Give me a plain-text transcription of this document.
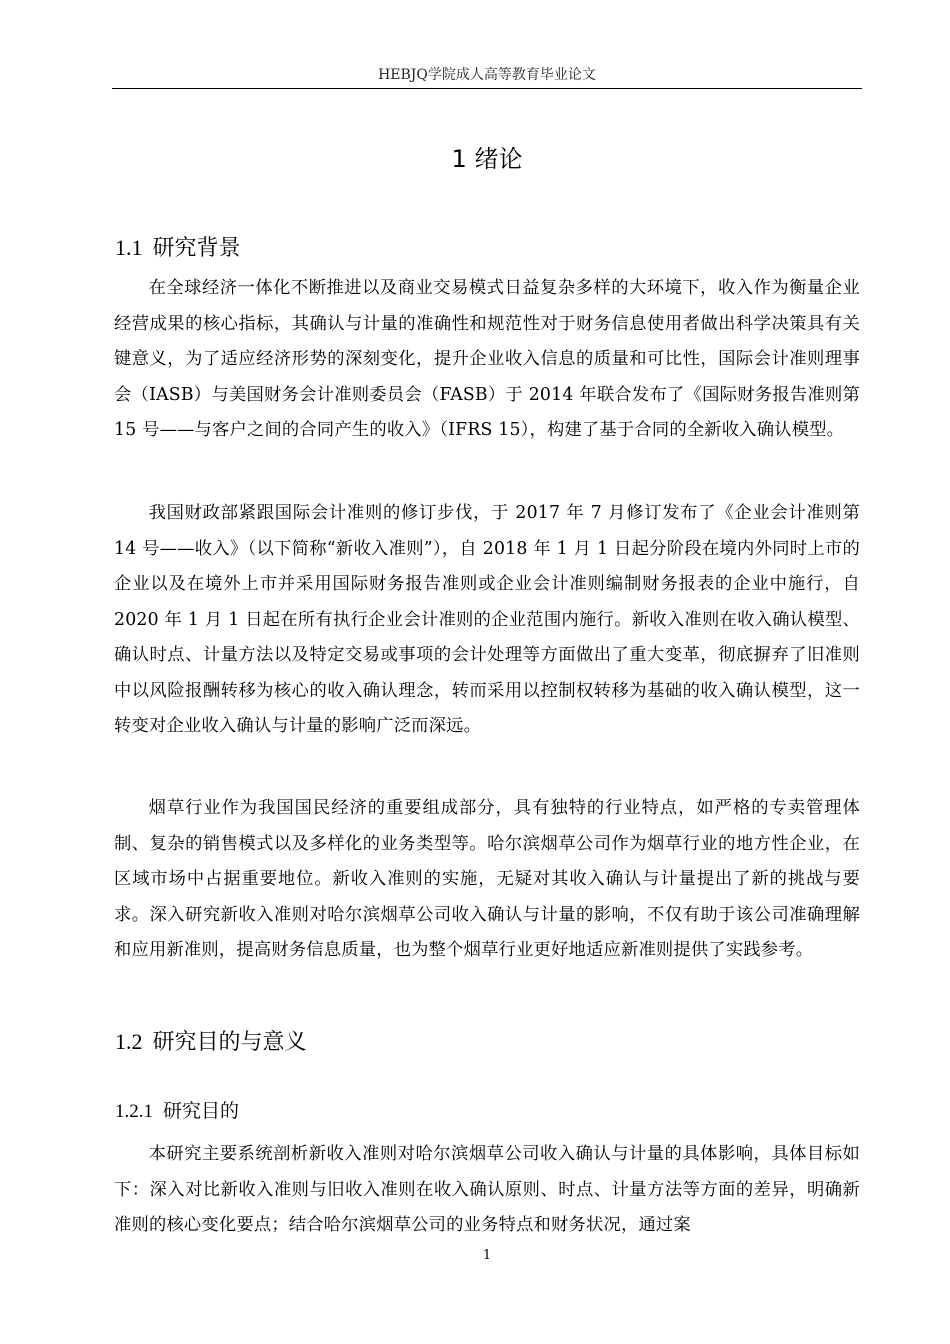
HEBJQ学院成人高等教育毕业论文
1 绪论
1.1 研究背景

在全球经济一体化不断推进以及商业交易模式日益复杂多样的大环境下，收入作为衡量企业经营成果的核心指标，其确认与计量的准确性和规范性对于财务信息使用者做出科学决策具有关键意义，为了适应经济形势的深刻变化，提升企业收入信息的质量和可比性，国际会计准则理事会（IASB）与美国财务会计准则委员会（FASB）于 2014 年联合发布了《国际财务报告准则第 15 号——与客户之间的合同产生的收入》（IFRS 15），构建了基于合同的全新收入确认模型。

我国财政部紧跟国际会计准则的修订步伐，于 2017 年 7 月修订发布了《企业会计准则第 14 号——收入》（以下简称“新收入准则”），自 2018 年 1 月 1 日起分阶段在境内外同时上市的企业以及在境外上市并采用国际财务报告准则或企业会计准则编制财务报表的企业中施行，自 2020 年 1 月 1 日起在所有执行企业会计准则的企业范围内施行。新收入准则在收入确认模型、确认时点、计量方法以及特定交易或事项的会计处理等方面做出了重大变革，彻底摒弃了旧准则中以风险报酬转移为核心的收入确认理念，转而采用以控制权转移为基础的收入确认模型，这一转变对企业收入确认与计量的影响广泛而深远。

烟草行业作为我国国民经济的重要组成部分，具有独特的行业特点，如严格的专卖管理体制、复杂的销售模式以及多样化的业务类型等。哈尔滨烟草公司作为烟草行业的地方性企业，在区域市场中占据重要地位。新收入准则的实施，无疑对其收入确认与计量提出了新的挑战与要求。深入研究新收入准则对哈尔滨烟草公司收入确认与计量的影响，不仅有助于该公司准确理解和应用新准则，提高财务信息质量，也为整个烟草行业更好地适应新准则提供了实践参考。

1.2 研究目的与意义
1.2.1 研究目的

本研究主要系统剖析新收入准则对哈尔滨烟草公司收入确认与计量的具体影响，具体目标如下：深入对比新收入准则与旧收入准则在收入确认原则、时点、计量方法等方面的差异，明确新准则的核心变化要点；结合哈尔滨烟草公司的业务特点和财务状况，通过案

1
